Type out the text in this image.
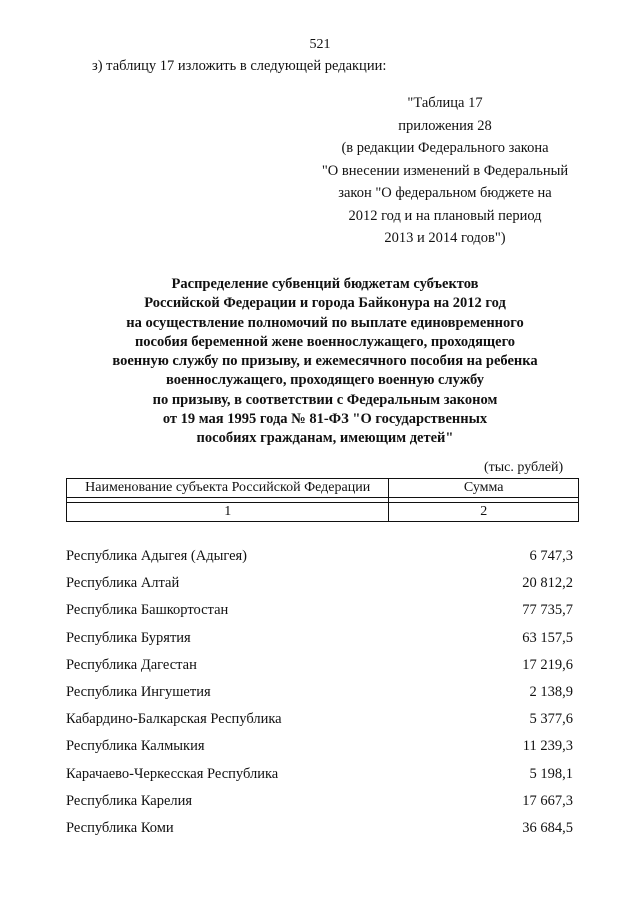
521
з) таблицу 17 изложить в следующей редакции:
"Таблица 17
приложения 28
(в редакции Федерального закона
"О внесении изменений в Федеральный
закон "О федеральном бюджете на
2012 год и на плановый период
2013 и 2014 годов")
Распределение субвенций бюджетам субъектов
Российской Федерации и города Байконура на 2012 год
на осуществление полномочий по выплате единовременного
пособия беременной жене военнослужащего, проходящего
военную службу по призыву, и ежемесячного пособия на ребенка
военнослужащего, проходящего военную службу
по призыву, в соответствии с Федеральным законом
от 19 мая 1995 года № 81-ФЗ "О государственных
пособиях гражданам, имеющим детей"
(тыс. рублей)
Наименование субъекта Российской Федерации	Сумма

1	2
Республика Адыгея (Адыгея)	6 747,3
Республика Алтай	20 812,2
Республика Башкортостан	77 735,7
Республика Бурятия	63 157,5
Республика Дагестан	17 219,6
Республика Ингушетия	2 138,9
Кабардино-Балкарская Республика	5 377,6
Республика Калмыкия	11 239,3
Карачаево-Черкесская Республика	5 198,1
Республика Карелия	17 667,3
Республика Коми	36 684,5
